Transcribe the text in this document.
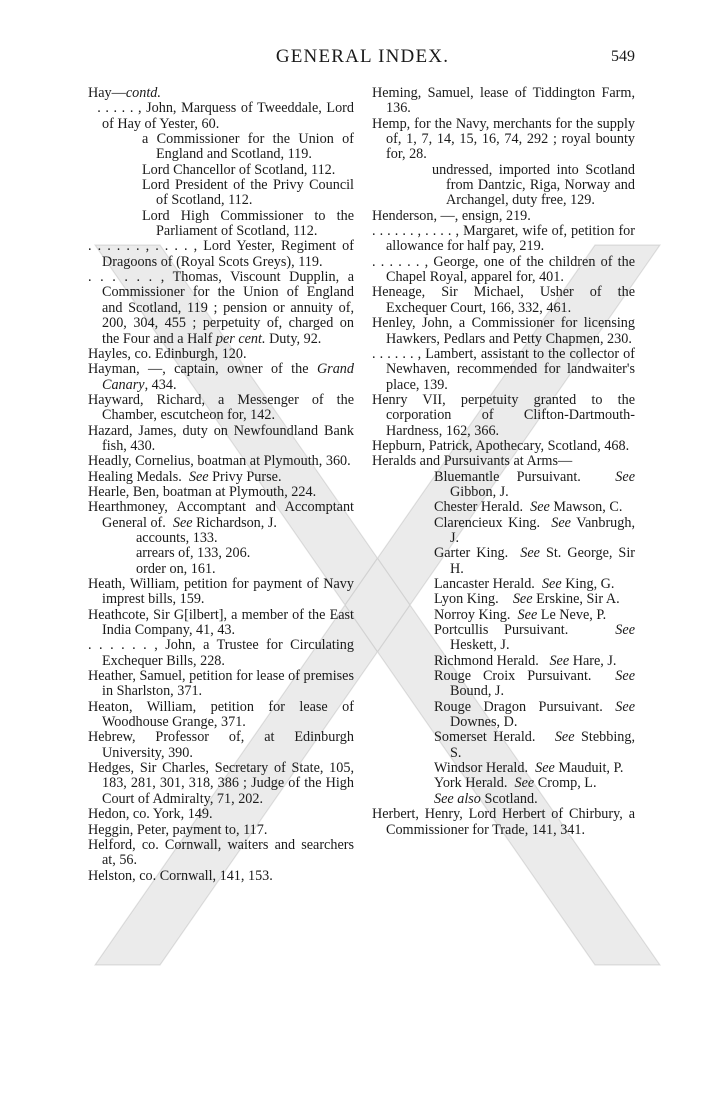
GENERAL INDEX.	549
Hay—contd.
. . . . . , John, Marquess of Tweeddale, Lord of Hay of Yester, 60.
a Commissioner for the Union of England and Scotland, 119.
Lord Chancellor of Scotland, 112.
Lord President of the Privy Council of Scotland, 112.
Lord High Commissioner to the Parliament of Scotland, 112.
. . . . . . , . . . . , Lord Yester, Regiment of Dragoons of (Royal Scots Greys), 119.
. . . . . . , Thomas, Viscount Dupplin, a Commissioner for the Union of England and Scotland, 119 ; pension or annuity of, 200, 304, 455 ; perpetuity of, charged on the Four and a Half per cent. Duty, 92.
Hayles, co. Edinburgh, 120.
Hayman, —, captain, owner of the Grand Canary, 434.
Hayward, Richard, a Messenger of the Chamber, escutcheon for, 142.
Hazard, James, duty on Newfoundland Bank fish, 430.
Headly, Cornelius, boatman at Plymouth, 360.
Healing Medals.  See Privy Purse.
Hearle, Ben, boatman at Plymouth, 224.
Hearthmoney, Accomptant and Accomptant General of.  See Richardson, J.
accounts, 133.
arrears of, 133, 206.
order on, 161.
Heath, William, petition for payment of Navy imprest bills, 159.
Heathcote, Sir G[ilbert], a member of the East India Company, 41, 43.
. . . . . . , John, a Trustee for Circulating Exchequer Bills, 228.
Heather, Samuel, petition for lease of premises in Sharlston, 371.
Heaton, William, petition for lease of Woodhouse Grange, 371.
Hebrew, Professor of, at Edinburgh University, 390.
Hedges, Sir Charles, Secretary of State, 105, 183, 281, 301, 318, 386 ; Judge of the High Court of Admiralty, 71, 202.
Hedon, co. York, 149.
Heggin, Peter, payment to, 117.
Helford, co. Cornwall, waiters and searchers at, 56.
Helston, co. Cornwall, 141, 153.
Heming, Samuel, lease of Tiddington Farm, 136.
Hemp, for the Navy, merchants for the supply of, 1, 7, 14, 15, 16, 74, 292 ; royal bounty for, 28.
undressed, imported into Scotland from Dantzic, Riga, Norway and Archangel, duty free, 129.
Henderson, —, ensign, 219.
. . . . . . , . . . . , Margaret, wife of, petition for allowance for half pay, 219.
. . . . . . , George, one of the children of the Chapel Royal, apparel for, 401.
Heneage, Sir Michael, Usher of the Exchequer Court, 166, 332, 461.
Henley, John, a Commissioner for licensing Hawkers, Pedlars and Petty Chapmen, 230.
. . . . . . , Lambert, assistant to the collector of Newhaven, recommended for landwaiter's place, 139.
Henry VII, perpetuity granted to the corporation of Clifton-Dartmouth-Hardness, 162, 366.
Hepburn, Patrick, Apothecary, Scotland, 468.
Heralds and Pursuivants at Arms—
Bluemantle Pursuivant.  See Gibbon, J.
Chester Herald.  See Mawson, C.
Clarencieux King.  See Vanbrugh, J.
Garter King.  See St. George, Sir H.
Lancaster Herald.  See King, G.
Lyon King.    See Erskine, Sir A.
Norroy King.  See Le Neve, P.
Portcullis Pursuivant.   See Heskett, J.
Richmond Herald.   See Hare, J.
Rouge Croix Pursuivant.  See Bound, J.
Rouge Dragon Pursuivant. See Downes, D.
Somerset Herald.   See Stebbing, S.
Windsor Herald.  See Mauduit, P.
York Herald.  See Cromp, L.
See also Scotland.
Herbert, Henry, Lord Herbert of Chirbury, a Commissioner for Trade, 141, 341.
